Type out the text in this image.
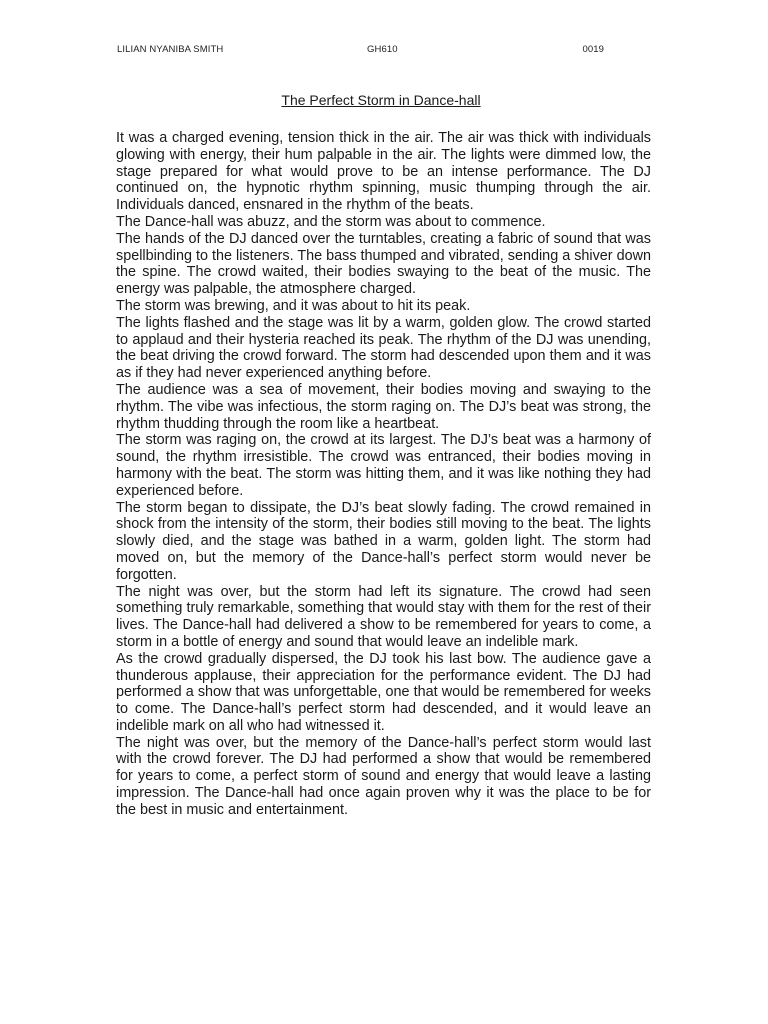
LILIAN NYANIBA SMITH	GH610	0019
The Perfect Storm in Dance-hall

It was a charged evening, tension thick in the air. The air was thick with individuals glowing with energy, their hum palpable in the air. The lights were dimmed low, the stage prepared for what would prove to be an intense performance. The DJ continued on, the hypnotic rhythm spinning, music thumping through the air. Individuals danced, ensnared in the rhythm of the beats.

The Dance-hall was abuzz, and the storm was about to commence.

The hands of the DJ danced over the turntables, creating a fabric of sound that was spellbinding to the listeners. The bass thumped and vibrated, sending a shiver down the spine. The crowd waited, their bodies swaying to the beat of the music. The energy was palpable, the atmosphere charged.

The storm was brewing, and it was about to hit its peak.

The lights flashed and the stage was lit by a warm, golden glow. The crowd started to applaud and their hysteria reached its peak. The rhythm of the DJ was unending, the beat driving the crowd forward. The storm had descended upon them and it was as if they had never experienced anything before.

The audience was a sea of movement, their bodies moving and swaying to the rhythm. The vibe was infectious, the storm raging on. The DJ’s beat was strong, the rhythm thudding through the room like a heartbeat.

The storm was raging on, the crowd at its largest. The DJ’s beat was a harmony of sound, the rhythm irresistible. The crowd was entranced, their bodies moving in harmony with the beat. The storm was hitting them, and it was like nothing they had experienced before.

The storm began to dissipate, the DJ’s beat slowly fading. The crowd remained in shock from the intensity of the storm, their bodies still moving to the beat. The lights slowly died, and the stage was bathed in a warm, golden light. The storm had moved on, but the memory of the Dance-hall’s perfect storm would never be forgotten.

The night was over, but the storm had left its signature. The crowd had seen something truly remarkable, something that would stay with them for the rest of their lives. The Dance-hall had delivered a show to be remembered for years to come, a storm in a bottle of energy and sound that would leave an indelible mark.

As the crowd gradually dispersed, the DJ took his last bow. The audience gave a thunderous applause, their appreciation for the performance evident. The DJ had performed a show that was unforgettable, one that would be remembered for weeks to come. The Dance-hall’s perfect storm had descended, and it would leave an indelible mark on all who had witnessed it.

The night was over, but the memory of the Dance-hall’s perfect storm would last with the crowd forever. The DJ had performed a show that would be remembered for years to come, a perfect storm of sound and energy that would leave a lasting impression. The Dance-hall had once again proven why it was the place to be for the best in music and entertainment.
